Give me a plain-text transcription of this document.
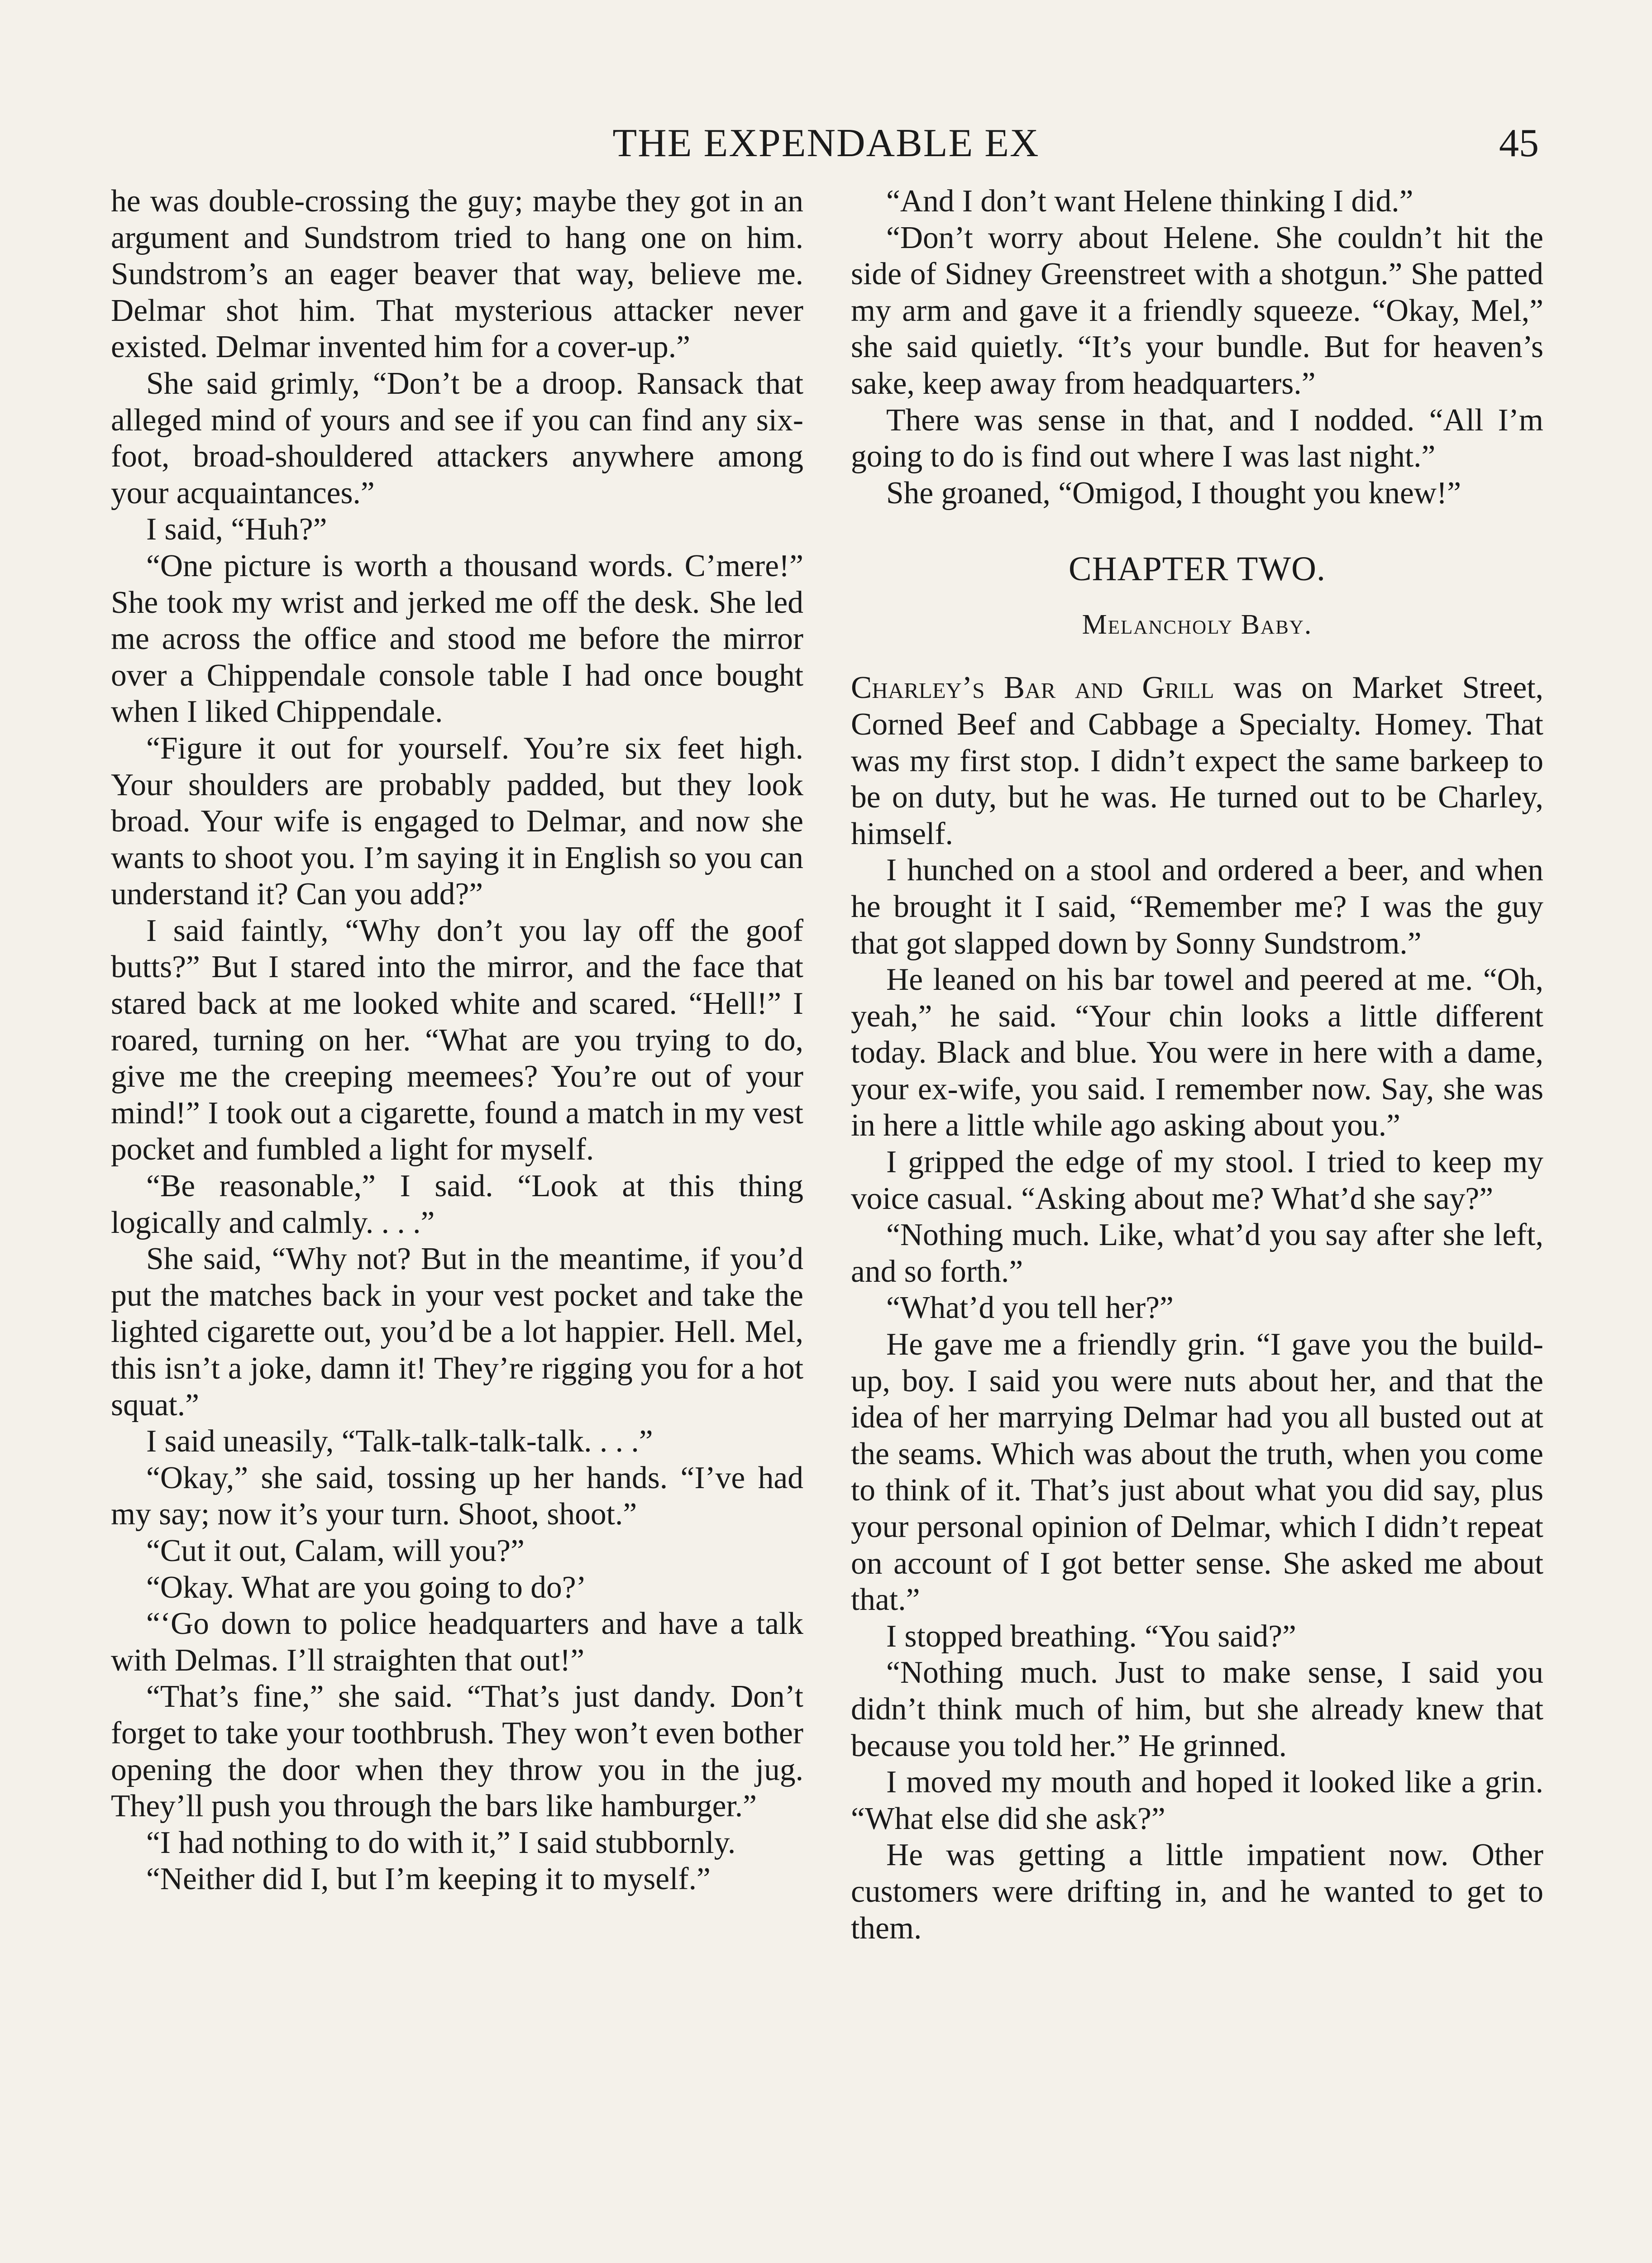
THE EXPENDABLE EX	45

he was double-crossing the guy; maybe they got in an argument and Sundstrom tried to hang one on him. Sundstrom’s an eager beaver that way, believe me. Delmar shot him. That mysterious attacker never existed. Delmar invented him for a cover-up.”

She said grimly, “Don’t be a droop. Ransack that alleged mind of yours and see if you can find any six-foot, broad-shouldered attackers anywhere among your acquaintances.”

I said, “Huh?”

“One picture is worth a thousand words. C’mere!” She took my wrist and jerked me off the desk. She led me across the office and stood me before the mirror over a Chippendale console table I had once bought when I liked Chippendale.

“Figure it out for yourself. You’re six feet high. Your shoulders are probably padded, but they look broad. Your wife is engaged to Delmar, and now she wants to shoot you. I’m saying it in English so you can understand it? Can you add?”

I said faintly, “Why don’t you lay off the goof butts?” But I stared into the mirror, and the face that stared back at me looked white and scared. “Hell!” I roared, turning on her. “What are you trying to do, give me the creeping meemees? You’re out of your mind!” I took out a cigarette, found a match in my vest pocket and fumbled a light for myself.

“Be reasonable,” I said. “Look at this thing logically and calmly. . . .”

She said, “Why not? But in the meantime, if you’d put the matches back in your vest pocket and take the lighted cigarette out, you’d be a lot happier. Hell. Mel, this isn’t a joke, damn it! They’re rigging you for a hot squat.”

I said uneasily, “Talk-talk-talk-talk. . . .”

“Okay,” she said, tossing up her hands. “I’ve had my say; now it’s your turn. Shoot, shoot.”

“Cut it out, Calam, will you?”

“Okay. What are you going to do?’

“‘Go down to police headquarters and have a talk with Delmas. I’ll straighten that out!”

“That’s fine,” she said. “That’s just dandy. Don’t forget to take your toothbrush. They won’t even bother opening the door when they throw you in the jug. They’ll push you through the bars like hamburger.”

“I had nothing to do with it,” I said stubbornly.

“Neither did I, but I’m keeping it to myself.”

“And I don’t want Helene thinking I did.”

“Don’t worry about Helene. She couldn’t hit the side of Sidney Greenstreet with a shotgun.” She patted my arm and gave it a friendly squeeze. “Okay, Mel,” she said quietly. “It’s your bundle. But for heaven’s sake, keep away from headquarters.”

There was sense in that, and I nodded. “All I’m going to do is find out where I was last night.”

She groaned, “Omigod, I thought you knew!”

CHAPTER TWO.
Melancholy Baby.

Charley’s Bar and Grill was on Market Street, Corned Beef and Cabbage a Specialty. Homey. That was my first stop. I didn’t expect the same barkeep to be on duty, but he was. He turned out to be Charley, himself.

I hunched on a stool and ordered a beer, and when he brought it I said, “Remember me? I was the guy that got slapped down by Sonny Sundstrom.”

He leaned on his bar towel and peered at me. “Oh, yeah,” he said. “Your chin looks a little different today. Black and blue. You were in here with a dame, your ex-wife, you said. I remember now. Say, she was in here a little while ago asking about you.”

I gripped the edge of my stool. I tried to keep my voice casual. “Asking about me? What’d she say?”

“Nothing much. Like, what’d you say after she left, and so forth.”

“What’d you tell her?”

He gave me a friendly grin. “I gave you the build-up, boy. I said you were nuts about her, and that the idea of her marrying Delmar had you all busted out at the seams. Which was about the truth, when you come to think of it. That’s just about what you did say, plus your personal opinion of Delmar, which I didn’t repeat on account of I got better sense. She asked me about that.”

I stopped breathing. “You said?”

“Nothing much. Just to make sense, I said you didn’t think much of him, but she already knew that because you told her.” He grinned.

I moved my mouth and hoped it looked like a grin. “What else did she ask?”

He was getting a little impatient now. Other customers were drifting in, and he wanted to get to them.
